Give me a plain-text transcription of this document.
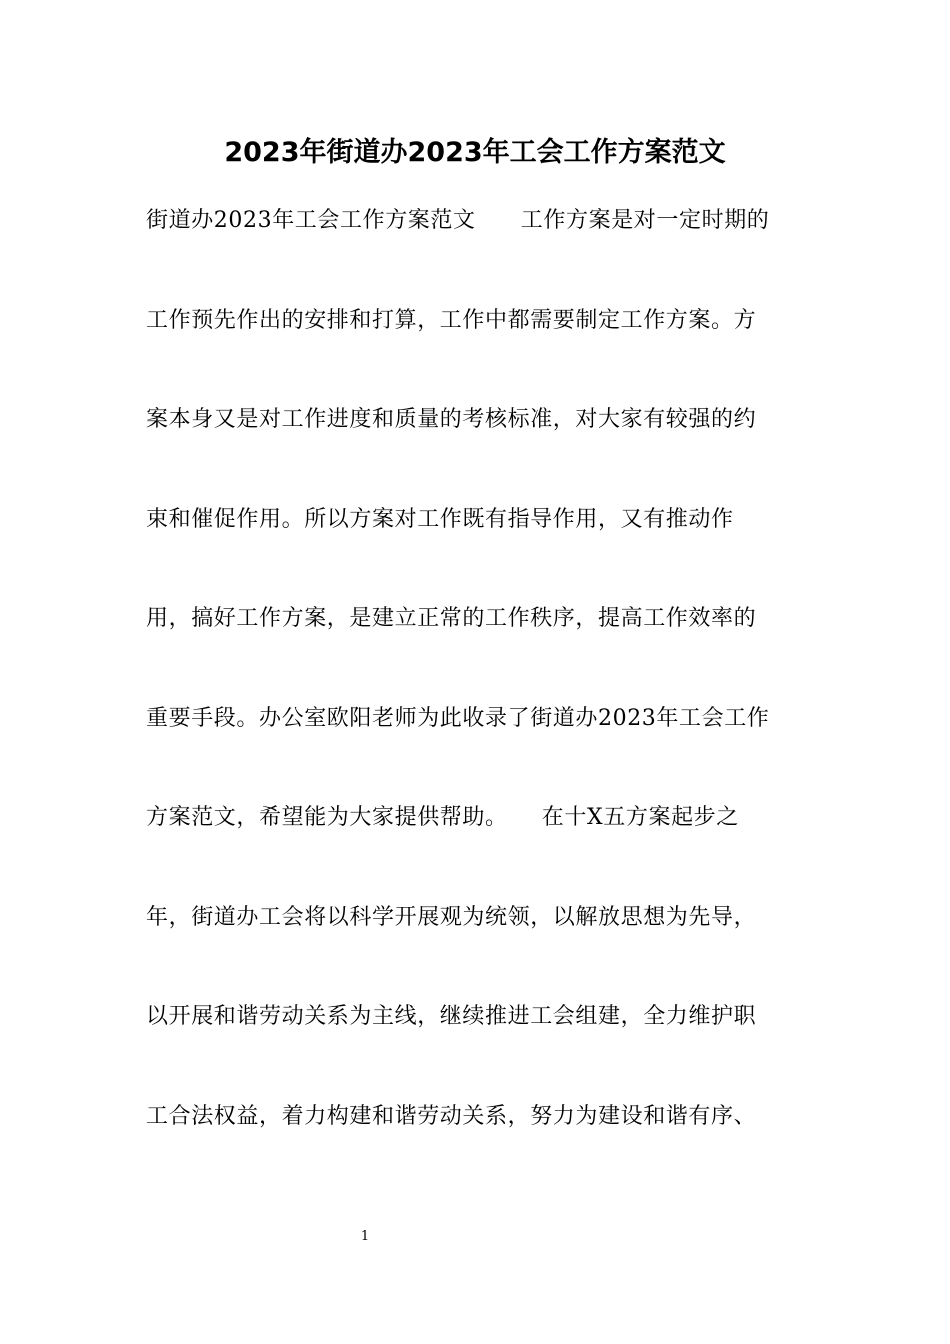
2023年街道办2023年工会工作方案范文
街道办2023年工会工作方案范文　　工作方案是对一定时期的
工作预先作出的安排和打算，工作中都需要制定工作方案。方
案本身又是对工作进度和质量的考核标准，对大家有较强的约
束和催促作用。所以方案对工作既有指导作用，又有推动作
用，搞好工作方案，是建立正常的工作秩序，提高工作效率的
重要手段。办公室欧阳老师为此收录了街道办2023年工会工作
方案范文，希望能为大家提供帮助。　　在十X五方案起步之
年，街道办工会将以科学开展观为统领，以解放思想为先导，
以开展和谐劳动关系为主线，继续推进工会组建，全力维护职
工合法权益，着力构建和谐劳动关系，努力为建设和谐有序、
1
